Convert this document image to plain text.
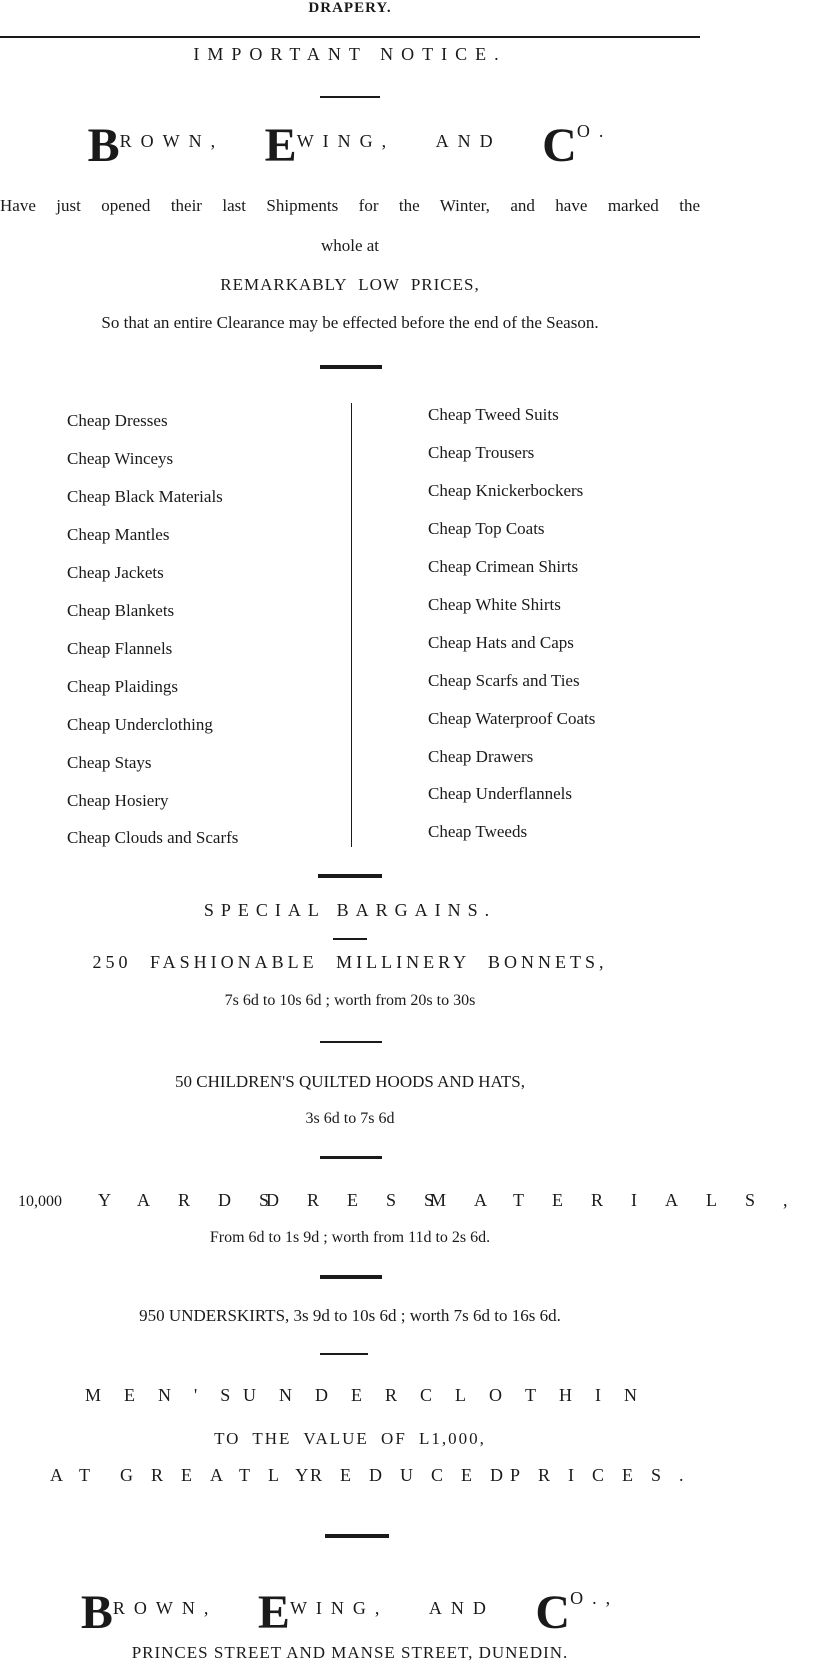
DRAPERY.
IMPORTANT NOTICE.
BROWN, EWING, AND CO.
Have just opened their last Shipments for the Winter, and have marked the
whole at
REMARKABLY LOW PRICES,
So that an entire Clearance may be effected before the end of the Season.
Cheap Dresses
Cheap Winceys
Cheap Black Materials
Cheap Mantles
Cheap Jackets
Cheap Blankets
Cheap Flannels
Cheap Plaidings
Cheap Underclothing
Cheap Stays
Cheap Hosiery
Cheap Clouds and Scarfs
Cheap Tweed Suits
Cheap Trousers
Cheap Knickerbockers
Cheap Top Coats
Cheap Crimean Shirts
Cheap White Shirts
Cheap Hats and Caps
Cheap Scarfs and Ties
Cheap Waterproof Coats
Cheap Drawers
Cheap Underflannels
Cheap Tweeds
SPECIAL BARGAINS.
250 FASHIONABLE MILLINERY BONNETS,
7s 6d to 10s 6d ; worth from 20s to 30s
50 CHILDREN'S QUILTED HOODS AND HATS,
3s 6d to 7s 6d
10,000 YARDS
DRESS
MATERIALS,
From 6d to 1s 9d ; worth from 11d to 2s 6d.
950 UNDERSKIRTS, 3s 9d to 10s 6d ; worth 7s 6d to 16s 6d.
MEN'S
UNDERCLOTHIN
TO THE VALUE OF L1,000,
AT GREATLY
REDUCED
PRICES.
BROWN, EWING, AND CO.,
PRINCES STREET AND MANSE STREET, DUNEDIN.
